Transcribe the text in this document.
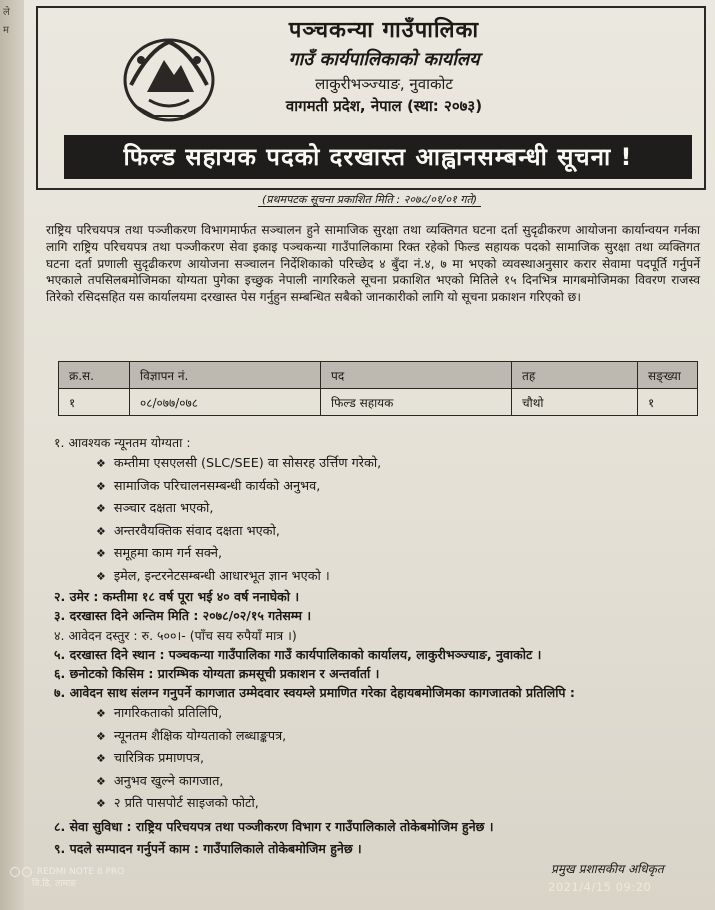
ले
म	पञ्चकन्या गाउँपालिका
गाउँ कार्यपालिकाको कार्यालय
लाकुरीभञ्ज्याङ, नुवाकोट
वागमती प्रदेश, नेपाल (स्था: २०७३)
फिल्ड सहायक पदको दरखास्त आह्वानसम्बन्धी सूचना !
(प्रथमपटक सूचना प्रकाशित मिति : २०७८/०१/०१ गते)
राष्ट्रिय परिचयपत्र तथा पञ्जीकरण विभागमार्फत सञ्चालन हुने सामाजिक सुरक्षा तथा व्यक्तिगत घटना दर्ता सुदृढीकरण आयोजना कार्यान्वयन गर्नका लागि राष्ट्रिय परिचयपत्र तथा पञ्जीकरण सेवा इकाइ पञ्चकन्या गाउँपालिकामा रिक्त रहेको फिल्ड सहायक पदको सामाजिक सुरक्षा तथा व्यक्तिगत घटना दर्ता प्रणाली सुदृढीकरण आयोजना सञ्चालन निर्देशिकाको परिच्छेद ४ बुँदा नं.४, ७ मा भएको व्यवस्थाअनुसार करार सेवामा पदपूर्ति गर्नुपर्ने भएकाले तपसिलबमोजिमका योग्यता पुगेका इच्छुक नेपाली नागरिकले सूचना प्रकाशित भएको मितिले १५ दिनभित्र मागबमोजिमका विवरण राजस्व तिरेको रसिदसहित यस कार्यालयमा दरखास्त पेस गर्नुहुन सम्बन्धित सबैको जानकारीको लागि यो सूचना प्रकाशन गरिएको छ।
क्र.स.	विज्ञापन नं.	पद	तह	सङ्ख्या
१	०८/०७७/०७८	फिल्ड सहायक	चौथो	१
१. आवश्यक न्यूनतम योग्यता :
❖ कम्तीमा एसएलसी (SLC/SEE) वा सोसरह उर्त्तिण गरेको,
❖ सामाजिक परिचालनसम्बन्धी कार्यको अनुभव,
❖ सञ्चार दक्षता भएको,
❖ अन्तरवैयक्तिक संवाद दक्षता भएको,
❖ समूहमा काम गर्न सक्ने,
❖ इमेल, इन्टरनेटसम्बन्धी आधारभूत ज्ञान भएको ।
२. उमेर : कम्तीमा १८ वर्ष पूरा भई ४० वर्ष ननाघेको ।
३. दरखास्त दिने अन्तिम मिति : २०७८/०२/१५ गतेसम्म ।
४. आवेदन दस्तुर : रु. ५००।- (पाँच सय रुपैयाँ मात्र ।)
५. दरखास्त दिने स्थान : पञ्चकन्या गाउँपालिका गाउँ कार्यपालिकाको कार्यालय, लाकुरीभञ्ज्याङ, नुवाकोट ।
६. छनोटको किसिम : प्रारम्भिक योग्यता क्रमसूची प्रकाशन र अन्तर्वार्ता ।
७. आवेदन साथ संलग्न गनुपर्ने कागजात उम्मेदवार स्वयम्ले प्रमाणित गरेका देहायबमोजिमका कागजातको प्रतिलिपि :
❖ नागरिकताको प्रतिलिपि,
❖ न्यूनतम शैक्षिक योग्यताको लब्धाङ्कपत्र,
❖ चारित्रिक प्रमाणपत्र,
❖ अनुभव खुल्ने कागजात,
❖ २ प्रति पासपोर्ट साइजको फोटो,
८. सेवा सुविधा : राष्ट्रिय परिचयपत्र तथा पञ्जीकरण विभाग र गाउँपालिकाले तोकेबमोजिम हुनेछ ।
९. पदले सम्पादन गर्नुपर्ने काम : गाउँपालिकाले तोकेबमोजिम हुनेछ ।
प्रमुख प्रशासकीय अधिकृत
REDMI NOTE 8 PRO
वि.डि. तामाङ	2021/4/15 09:20
